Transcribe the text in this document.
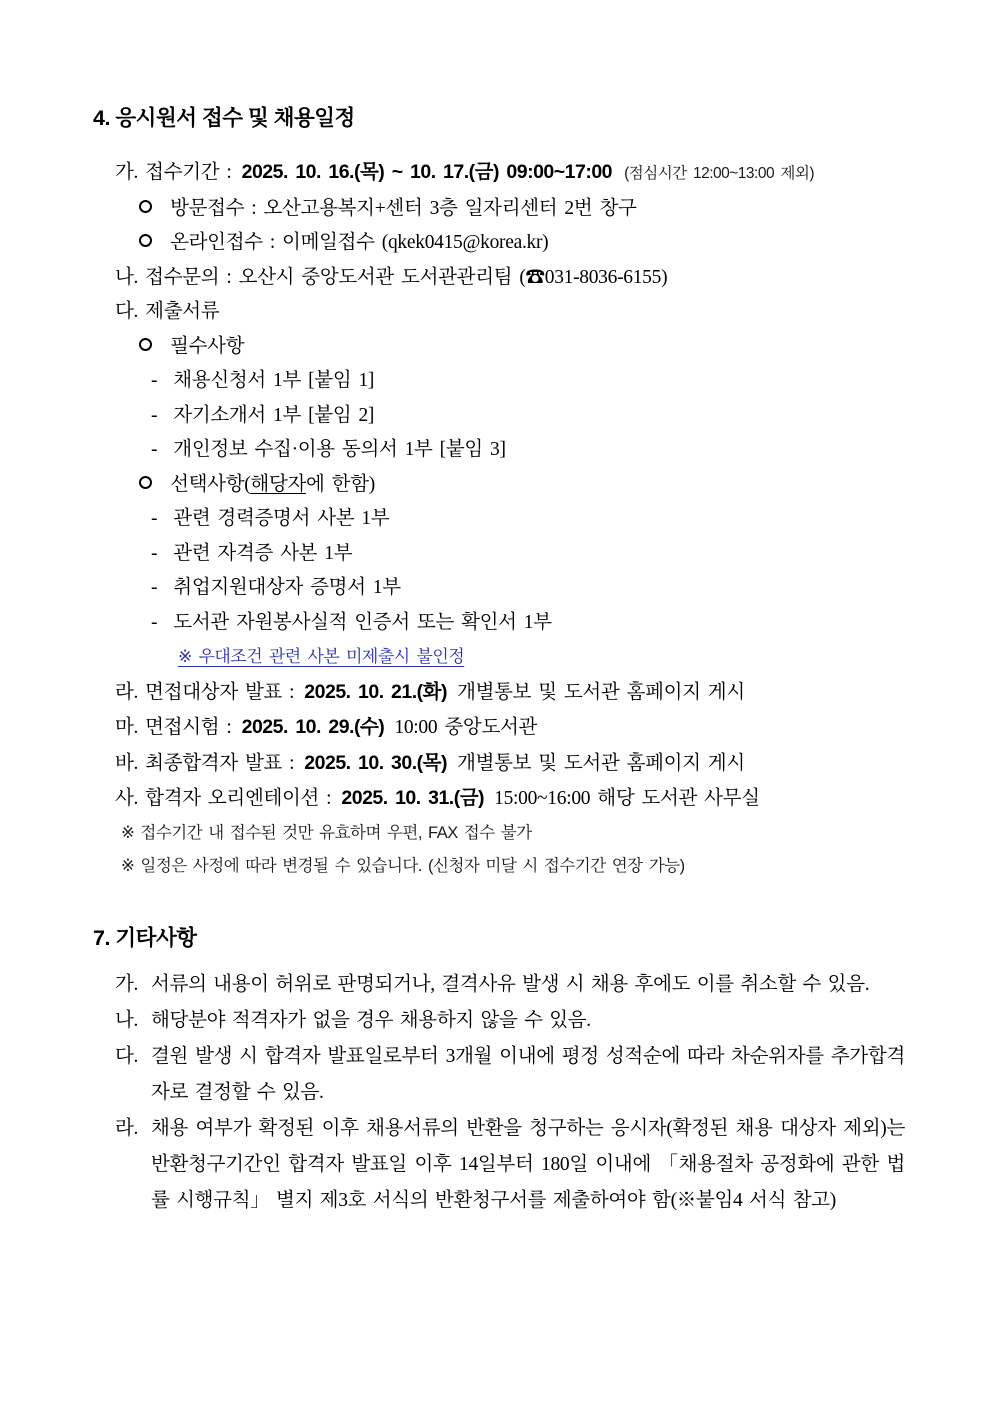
4. 응시원서 접수 및 채용일정
가. 접수기간 : 2025. 10. 16.(목) ~ 10. 17.(금) 09:00~17:00 (점심시간 12:00~13:00 제외)
방문접수 : 오산고용복지+센터 3층 일자리센터 2번 창구
온라인접수 : 이메일접수 (qkek0415@korea.kr)
나. 접수문의 : 오산시 중앙도서관 도서관관리팀 (☎031-8036-6155)
다. 제출서류
필수사항
- 채용신청서 1부 [붙임 1]
- 자기소개서 1부 [붙임 2]
- 개인정보 수집·이용 동의서 1부 [붙임 3]
선택사항(해당자에 한함)
- 관련 경력증명서 사본 1부
- 관련 자격증 사본 1부
- 취업지원대상자 증명서 1부
- 도서관 자원봉사실적 인증서 또는 확인서 1부
※ 우대조건 관련 사본 미제출시 불인정
라. 면접대상자 발표 : 2025. 10. 21.(화) 개별통보 및 도서관 홈페이지 게시
마. 면접시험 : 2025. 10. 29.(수) 10:00 중앙도서관
바. 최종합격자 발표 : 2025. 10. 30.(목) 개별통보 및 도서관 홈페이지 게시
사. 합격자 오리엔테이션 : 2025. 10. 31.(금) 15:00~16:00 해당 도서관 사무실
※ 접수기간 내 접수된 것만 유효하며 우편, FAX 접수 불가
※ 일정은 사정에 따라 변경될 수 있습니다. (신청자 미달 시 접수기간 연장 가능)
7. 기타사항
가. 서류의 내용이 허위로 판명되거나, 결격사유 발생 시 채용 후에도 이를 취소할 수 있음.
나. 해당분야 적격자가 없을 경우 채용하지 않을 수 있음.
다. 결원 발생 시 합격자 발표일로부터 3개월 이내에 평정 성적순에 따라 차순위자를 추가합격자로 결정할 수 있음.
라. 채용 여부가 확정된 이후 채용서류의 반환을 청구하는 응시자(확정된 채용 대상자 제외)는 반환청구기간인 합격자 발표일 이후 14일부터 180일 이내에 「채용절차 공정화에 관한 법률 시행규칙」 별지 제3호 서식의 반환청구서를 제출하여야 함(※붙임4 서식 참고)
